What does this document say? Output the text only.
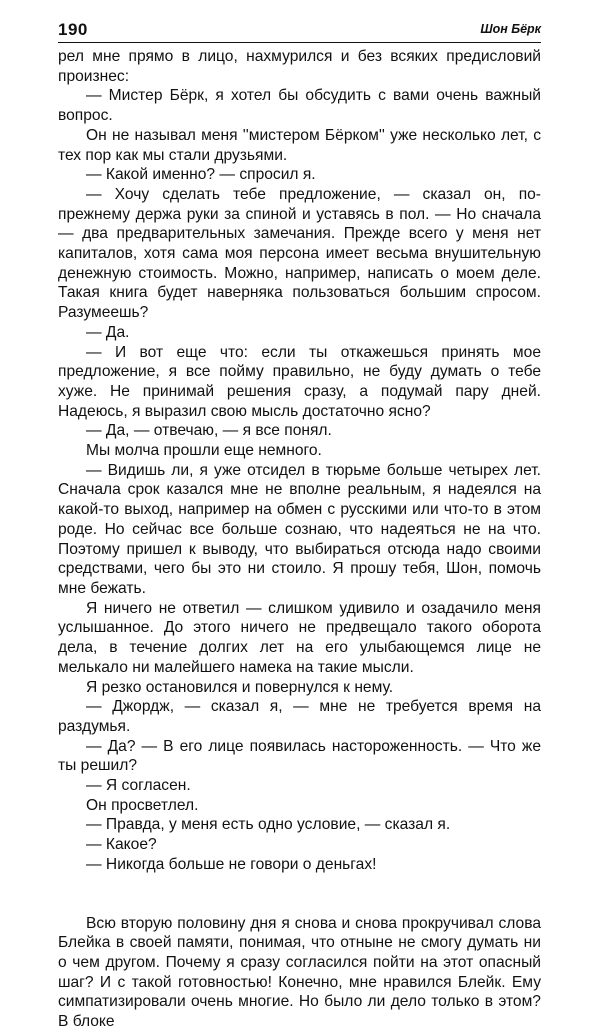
190	Шон Бёрк

рел мне прямо в лицо, нахмурился и без всяких предисловий произнес:

— Мистер Бёрк, я хотел бы обсудить с вами очень важный вопрос.

Он не называл меня ''мистером Бёрком'' уже несколько лет, с тех пор как мы стали друзьями.

— Какой именно? — спросил я.

— Хочу сделать тебе предложение, — сказал он, по-прежнему держа руки за спиной и уставясь в пол. — Но сначала — два предварительных замечания. Прежде всего у меня нет капиталов, хотя сама моя персона имеет весьма внушительную денежную стоимость. Можно, например, написать о моем деле. Такая книга будет наверняка пользоваться большим спросом. Разумеешь?

— Да.

— И вот еще что: если ты откажешься принять мое предложение, я все пойму правильно, не буду думать о тебе хуже. Не принимай решения сразу, а подумай пару дней. Надеюсь, я выразил свою мысль достаточно ясно?

— Да, — отвечаю, — я все понял.

Мы молча прошли еще немного.

— Видишь ли, я уже отсидел в тюрьме больше четырех лет. Сначала срок казался мне не вполне реальным, я надеялся на какой-то выход, например на обмен с русскими или что-то в этом роде. Но сейчас все больше сознаю, что надеяться не на что. Поэтому пришел к выводу, что выбираться отсюда надо своими средствами, чего бы это ни стоило. Я прошу тебя, Шон, помочь мне бежать.

Я ничего не ответил — слишком удивило и озадачило меня услышанное. До этого ничего не предвещало такого оборота дела, в течение долгих лет на его улыбающемся лице не мелькало ни малейшего намека на такие мысли.

Я резко остановился и повернулся к нему.

— Джордж, — сказал я, — мне не требуется время на раздумья.

— Да? — В его лице появилась настороженность. — Что же ты решил?

— Я согласен.

Он просветлел.

— Правда, у меня есть одно условие, — сказал я.

— Какое?

— Никогда больше не говори о деньгах!

Всю вторую половину дня я снова и снова прокручивал слова Блейка в своей памяти, понимая, что отныне не смогу думать ни о чем другом. Почему я сразу согласился пойти на этот опасный шаг? И с такой готовностью! Конечно, мне нравился Блейк. Ему симпатизировали очень многие. Но было ли дело только в этом? В блоке
